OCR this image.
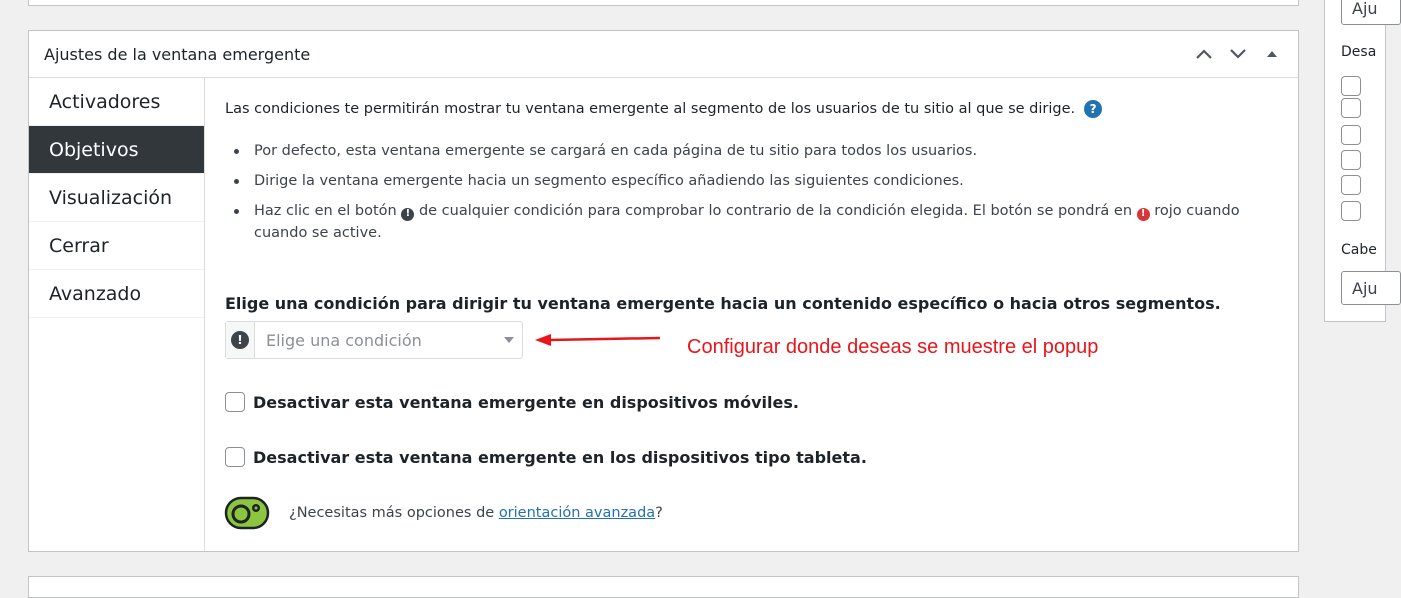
Ajustes de la ventana emergente
Activadores
Objetivos
Visualización
Cerrar
Avanzado
Las condiciones te permitirán mostrar tu ventana emergente al segmento de los usuarios de tu sitio al que se dirige.	?
Por defecto, esta ventana emergente se cargará en cada página de tu sitio para todos los usuarios.
Dirige la ventana emergente hacia un segmento específico añadiendo las siguientes condiciones.
Haz clic en el botón ! de cualquier condición para comprobar lo contrario de la condición elegida. El botón se pondrá en ! rojo cuando cuando se active.
Elige una condición para dirigir tu ventana emergente hacia un contenido específico o hacia otros segmentos.
!	Elige una condición	Configurar donde deseas se muestre el popup
Desactivar esta ventana emergente en dispositivos móviles.
Desactivar esta ventana emergente en los dispositivos tipo tableta.
¿Necesitas más opciones de orientación avanzada?
Aju
Desa
Cabe
Aju
